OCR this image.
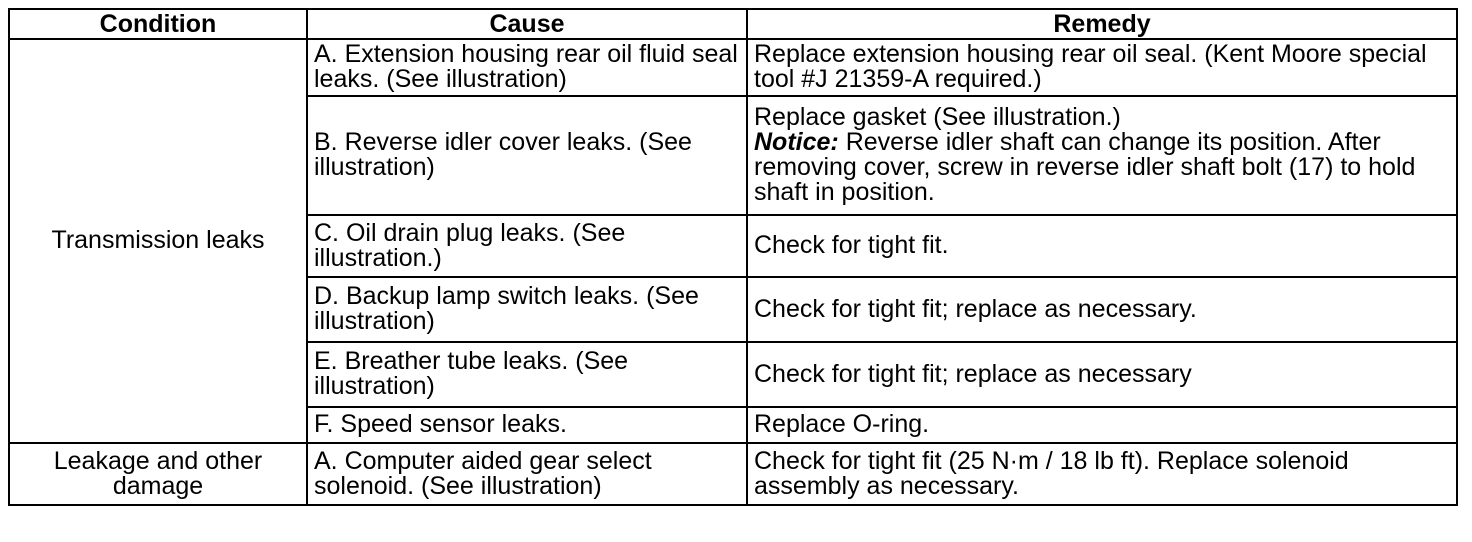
Condition	Cause	Remedy
Transmission leaks	A. Extension housing rear oil fluid seal leaks. (See illustration)	Replace extension housing rear oil seal. (Kent Moore special tool #J 21359-A required.)
	B. Reverse idler cover leaks. (See illustration)	Replace gasket (See illustration.)
Notice: Reverse idler shaft can change its position. After removing cover, screw in reverse idler shaft bolt (17) to hold shaft in position.
	C. Oil drain plug leaks. (See illustration.)	Check for tight fit.
	D. Backup lamp switch leaks. (See illustration)	Check for tight fit; replace as necessary.
	E. Breather tube leaks. (See illustration)	Check for tight fit; replace as necessary
	F. Speed sensor leaks.	Replace O-ring.
Leakage and other damage	A. Computer aided gear select solenoid. (See illustration)	Check for tight fit (25 N·m / 18 lb ft). Replace solenoid assembly as necessary.
